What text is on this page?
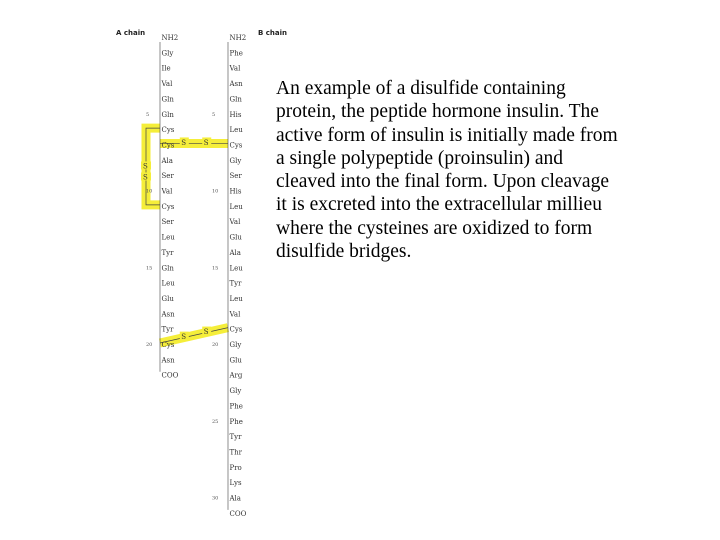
S
S
S	S
S
S
A chain	B chain
NH2
Gly
Ile
Val
Gln
Gln
Cys
Cys
Ala
Ser
Val
Cys
Ser
Leu
Tyr
Gln
Leu
Glu
Asn
Tyr
Cys
Asn
COO
5
10
15
20
NH2
Phe
Val
Asn
Gln
His
Leu
Cys
Gly
Ser
His
Leu
Val
Glu
Ala
Leu
Tyr
Leu
Val
Cys
Gly
Glu
Arg
Gly
Phe
Phe
Tyr
Thr
Pro
Lys
Ala
COO
5
10
15
20
25
30

An example of a disulfide containing
protein, the peptide hormone insulin. The
active form of insulin is initially made from
a single polypeptide (proinsulin) and
cleaved into the final form. Upon cleavage
it is excreted into the extracellular millieu
where the cysteines are oxidized to form
disulfide bridges.
